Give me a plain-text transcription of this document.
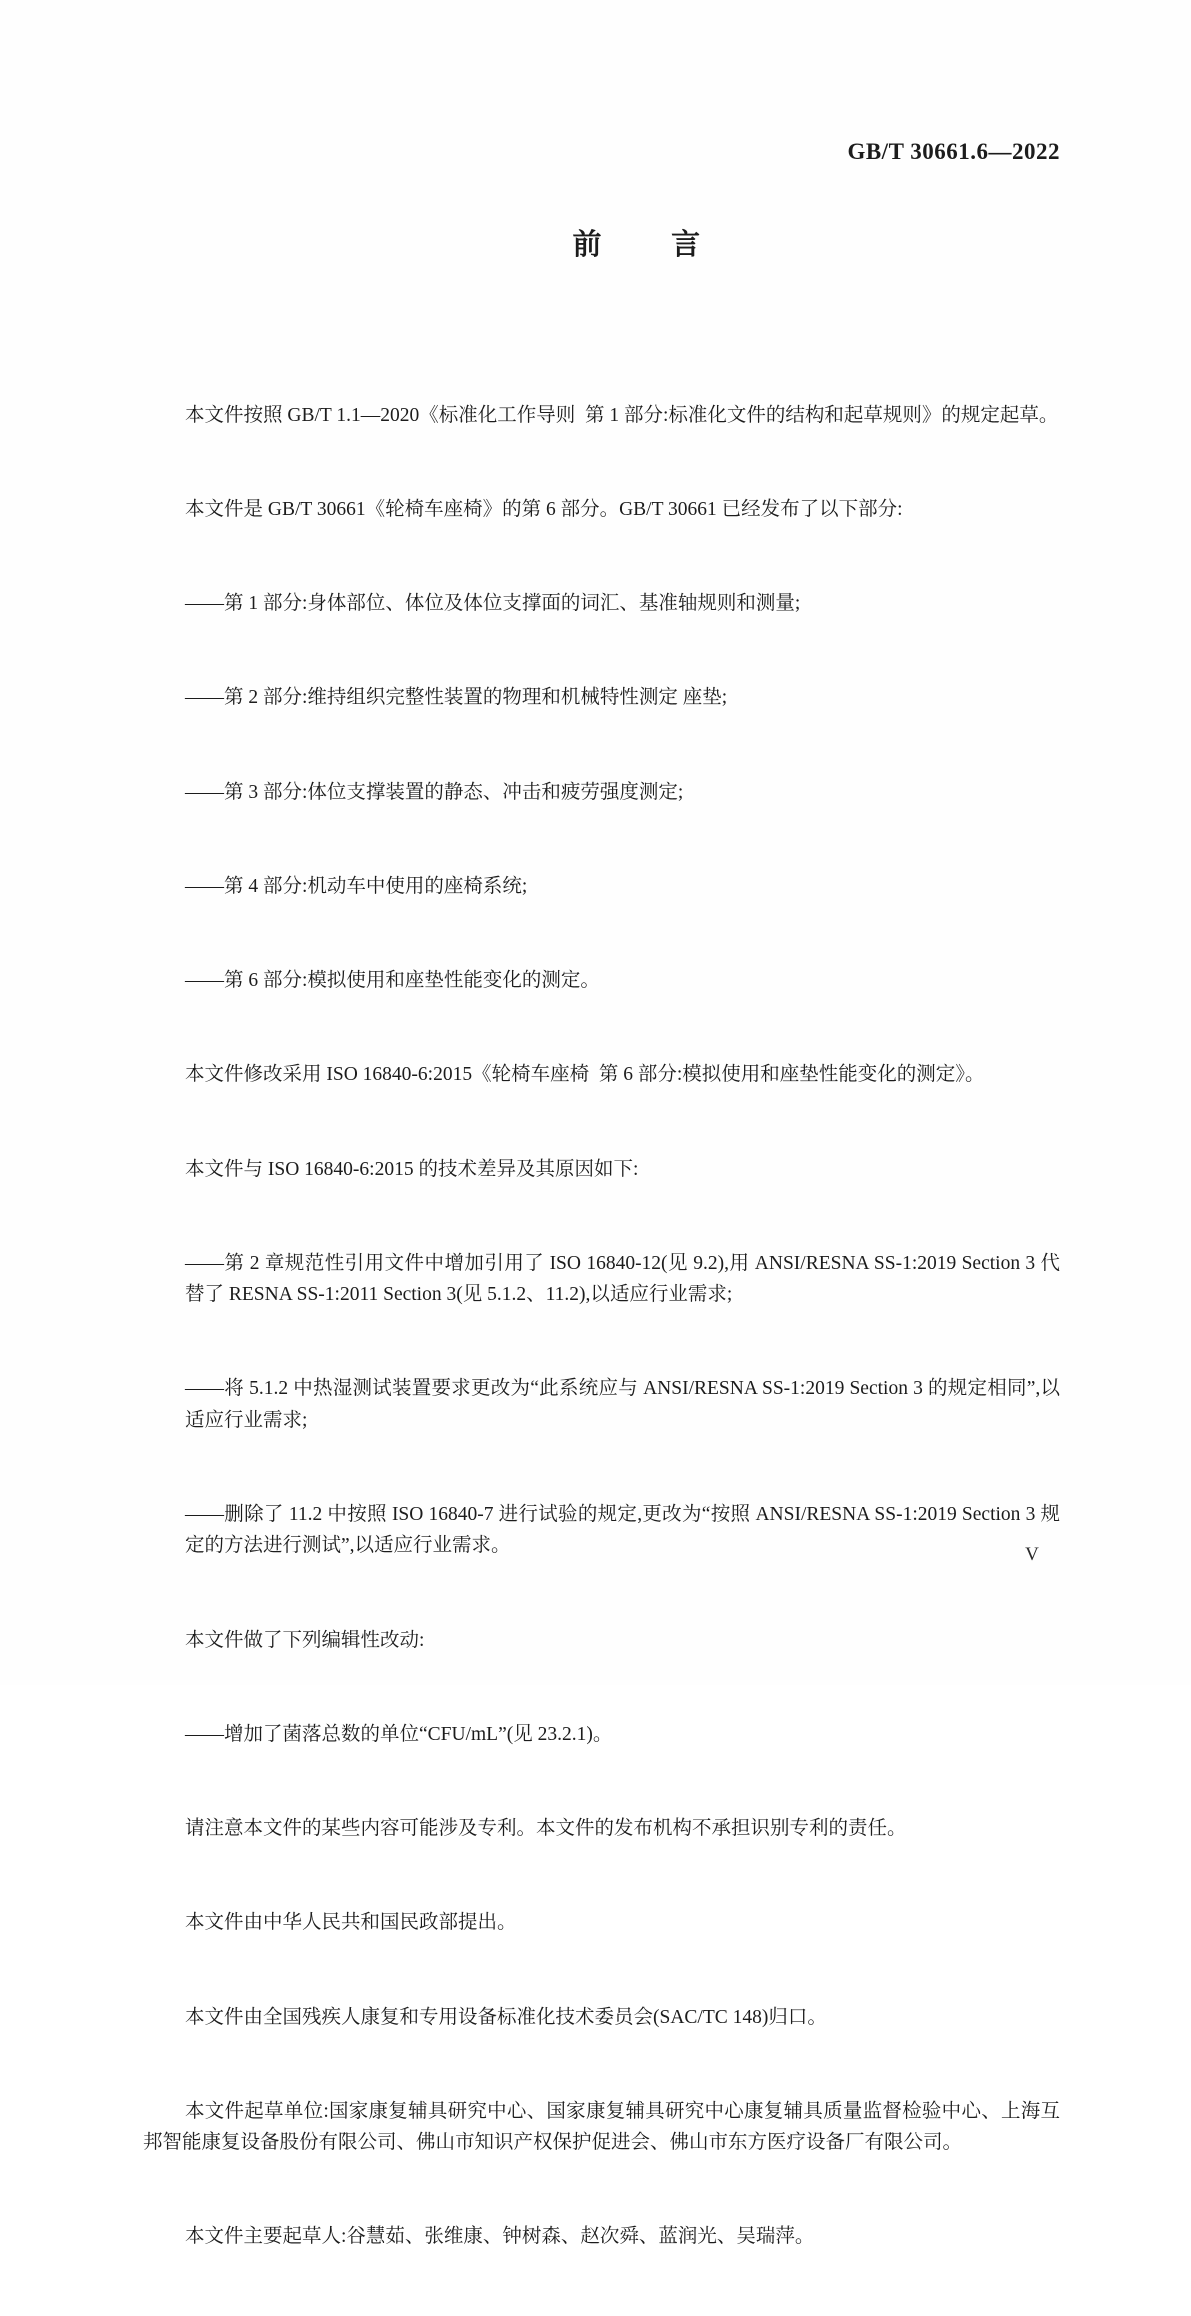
GB/T 30661.6—2022
前言

本文件按照 GB/T 1.1—2020《标准化工作导则  第 1 部分:标准化文件的结构和起草规则》的规定起草。

本文件是 GB/T 30661《轮椅车座椅》的第 6 部分。GB/T 30661 已经发布了以下部分:

——第 1 部分:身体部位、体位及体位支撑面的词汇、基准轴规则和测量;

——第 2 部分:维持组织完整性装置的物理和机械特性测定 座垫;

——第 3 部分:体位支撑装置的静态、冲击和疲劳强度测定;

——第 4 部分:机动车中使用的座椅系统;

——第 6 部分:模拟使用和座垫性能变化的测定。

本文件修改采用 ISO 16840-6:2015《轮椅车座椅  第 6 部分:模拟使用和座垫性能变化的测定》。

本文件与 ISO 16840-6:2015 的技术差异及其原因如下:

——第 2 章规范性引用文件中增加引用了 ISO 16840-12(见 9.2),用 ANSI/RESNA SS-1:2019 Section 3 代替了 RESNA SS-1:2011 Section 3(见 5.1.2、11.2),以适应行业需求;

——将 5.1.2 中热湿测试装置要求更改为“此系统应与 ANSI/RESNA SS-1:2019 Section 3 的规定相同”,以适应行业需求;

——删除了 11.2 中按照 ISO 16840-7 进行试验的规定,更改为“按照 ANSI/RESNA SS-1:2019 Section 3 规定的方法进行测试”,以适应行业需求。

本文件做了下列编辑性改动:

——增加了菌落总数的单位“CFU/mL”(见 23.2.1)。

请注意本文件的某些内容可能涉及专利。本文件的发布机构不承担识别专利的责任。

本文件由中华人民共和国民政部提出。

本文件由全国残疾人康复和专用设备标准化技术委员会(SAC/TC 148)归口。

本文件起草单位:国家康复辅具研究中心、国家康复辅具研究中心康复辅具质量监督检验中心、上海互邦智能康复设备股份有限公司、佛山市知识产权保护促进会、佛山市东方医疗设备厂有限公司。

本文件主要起草人:谷慧茹、张维康、钟树森、赵次舜、蓝润光、吴瑞萍。

V
